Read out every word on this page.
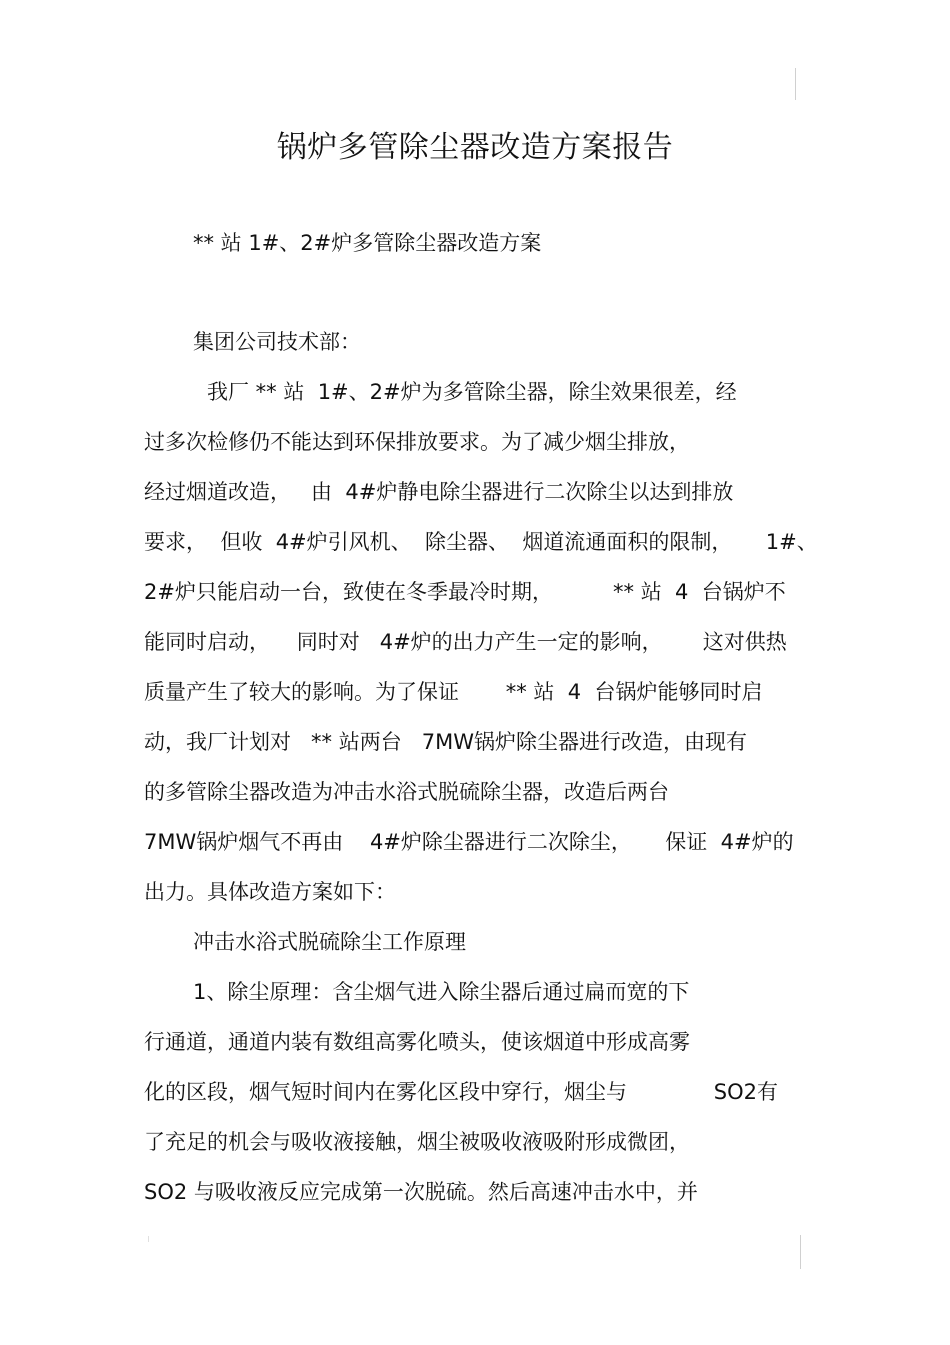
锅炉多管除尘器改造方案报告

** 站 1#、2#炉多管除尘器改造方案

集团公司技术部：

我厂 ** 站  1#、2#炉为多管除尘器，除尘效果很差，经

过多次检修仍不能达到环保排放要求。为了减少烟尘排放，

经过烟道改造，   由  4#炉静电除尘器进行二次除尘以达到排放

要求，  但收  4#炉引风机、  除尘器、  烟道流通面积的限制，     1#、

2#炉只能启动一台，致使在冬季最冷时期，         ** 站  4  台锅炉不

能同时启动，    同时对   4#炉的出力产生一定的影响，      这对供热

质量产生了较大的影响。为了保证       ** 站  4  台锅炉能够同时启

动，我厂计划对   ** 站两台   7MW锅炉除尘器进行改造，由现有

的多管除尘器改造为冲击水浴式脱硫除尘器，改造后两台

7MW锅炉烟气不再由    4#炉除尘器进行二次除尘，     保证  4#炉的

出力。具体改造方案如下：

冲击水浴式脱硫除尘工作原理

1、除尘原理：含尘烟气进入除尘器后通过扁而宽的下

行通道，通道内装有数组高雾化喷头，使该烟道中形成高雾

化的区段，烟气短时间内在雾化区段中穿行，烟尘与             SO2有

了充足的机会与吸收液接触，烟尘被吸收液吸附形成微团，

SO2 与吸收液反应完成第一次脱硫。然后高速冲击水中，并
